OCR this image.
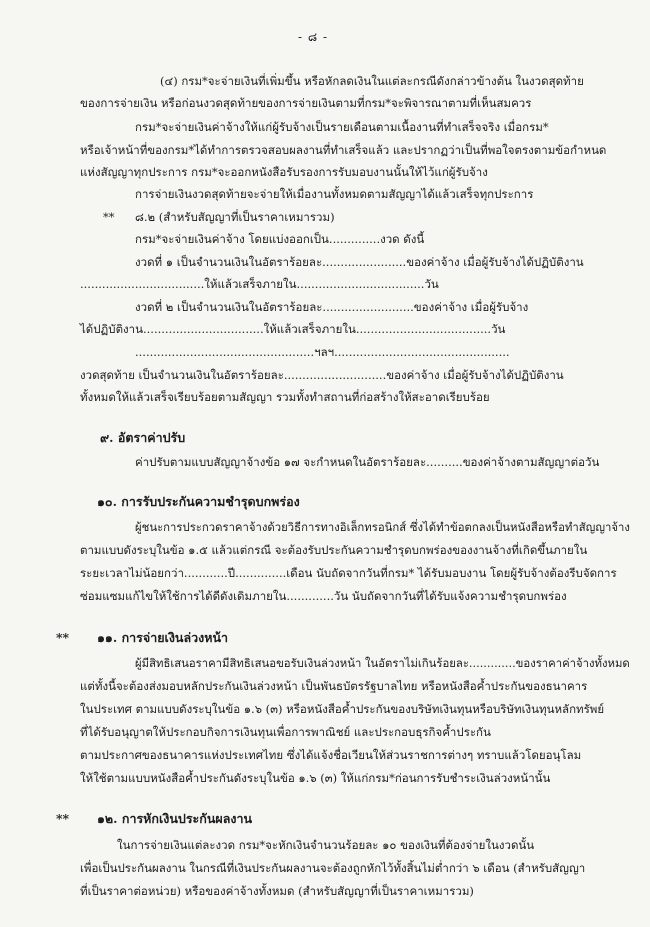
- ๘ -
(๔) กรม*จะจ่ายเงินที่เพิ่มขึ้น หรือหักลดเงินในแต่ละกรณีดังกล่าวข้างต้น ในงวดสุดท้าย
ของการจ่ายเงิน หรือก่อนงวดสุดท้ายของการจ่ายเงินตามที่กรม*จะพิจารณาตามที่เห็นสมควร
กรม*จะจ่ายเงินค่าจ้างให้แก่ผู้รับจ้างเป็นรายเดือนตามเนื้องานที่ทำเสร็จจริง เมื่อกรม*
หรือเจ้าหน้าที่ของกรม*ได้ทำการตรวจสอบผลงานที่ทำเสร็จแล้ว และปรากฏว่าเป็นที่พอใจตรงตามข้อกำหนด
แห่งสัญญาทุกประการ กรม*จะออกหนังสือรับรองการรับมอบงานนั้นให้ไว้แก่ผู้รับจ้าง
การจ่ายเงินงวดสุดท้ายจะจ่ายให้เมื่องานทั้งหมดตามสัญญาได้แล้วเสร็จทุกประการ
** ๘.๒ (สำหรับสัญญาที่เป็นราคาเหมารวม)
กรม*จะจ่ายเงินค่าจ้าง โดยแบ่งออกเป็น..............งวด ดังนี้
งวดที่ ๑ เป็นจำนวนเงินในอัตราร้อยละ.......................ของค่าจ้าง เมื่อผู้รับจ้างได้ปฏิบัติงาน
..................................ให้แล้วเสร็จภายใน...................................วัน
งวดที่ ๒ เป็นจำนวนเงินในอัตราร้อยละ.........................ของค่าจ้าง เมื่อผู้รับจ้าง
ได้ปฏิบัติงาน.................................ให้แล้วเสร็จภายใน.....................................วัน
.................................................ฯลฯ................................................
งวดสุดท้าย เป็นจำนวนเงินในอัตราร้อยละ............................ของค่าจ้าง เมื่อผู้รับจ้างได้ปฏิบัติงาน
ทั้งหมดให้แล้วเสร็จเรียบร้อยตามสัญญา รวมทั้งทำสถานที่ก่อสร้างให้สะอาดเรียบร้อย
๙. อัตราค่าปรับ
ค่าปรับตามแบบสัญญาจ้างข้อ ๑๗ จะกำหนดในอัตราร้อยละ..........ของค่าจ้างตามสัญญาต่อวัน
๑๐. การรับประกันความชำรุดบกพร่อง
ผู้ชนะการประกวดราคาจ้างด้วยวิธีการทางอิเล็กทรอนิกส์ ซึ่งได้ทำข้อตกลงเป็นหนังสือหรือทำสัญญาจ้าง
ตามแบบดังระบุในข้อ ๑.๕ แล้วแต่กรณี จะต้องรับประกันความชำรุดบกพร่องของงานจ้างที่เกิดขึ้นภายใน
ระยะเวลาไม่น้อยกว่า............ปี..............เดือน นับถัดจากวันที่กรม* ได้รับมอบงาน โดยผู้รับจ้างต้องรีบจัดการ
ซ่อมแซมแก้ไขให้ใช้การได้ดีดังเดิมภายใน.............วัน นับถัดจากวันที่ได้รับแจ้งความชำรุดบกพร่อง
** ๑๑. การจ่ายเงินล่วงหน้า
ผู้มีสิทธิเสนอราคามีสิทธิเสนอขอรับเงินล่วงหน้า ในอัตราไม่เกินร้อยละ.............ของราคาค่าจ้างทั้งหมด
แต่ทั้งนี้จะต้องส่งมอบหลักประกันเงินล่วงหน้า เป็นพันธบัตรรัฐบาลไทย หรือหนังสือค้ำประกันของธนาคาร
ในประเทศ ตามแบบดังระบุในข้อ ๑.๖ (๓) หรือหนังสือค้ำประกันของบริษัทเงินทุนหรือบริษัทเงินทุนหลักทรัพย์
ที่ได้รับอนุญาตให้ประกอบกิจการเงินทุนเพื่อการพาณิชย์ และประกอบธุรกิจค้ำประกัน
ตามประกาศของธนาคารแห่งประเทศไทย ซึ่งได้แจ้งชื่อเวียนให้ส่วนราชการต่างๆ ทราบแล้วโดยอนุโลม
ให้ใช้ตามแบบหนังสือค้ำประกันดังระบุในข้อ ๑.๖ (๓) ให้แก่กรม*ก่อนการรับชำระเงินล่วงหน้านั้น
** ๑๒. การหักเงินประกันผลงาน
ในการจ่ายเงินแต่ละงวด กรม*จะหักเงินจำนวนร้อยละ ๑๐ ของเงินที่ต้องจ่ายในงวดนั้น
เพื่อเป็นประกันผลงาน ในกรณีที่เงินประกันผลงานจะต้องถูกหักไว้ทั้งสิ้นไม่ต่ำกว่า ๖ เดือน (สำหรับสัญญา
ที่เป็นราคาต่อหน่วย) หรือของค่าจ้างทั้งหมด (สำหรับสัญญาที่เป็นราคาเหมารวม)
